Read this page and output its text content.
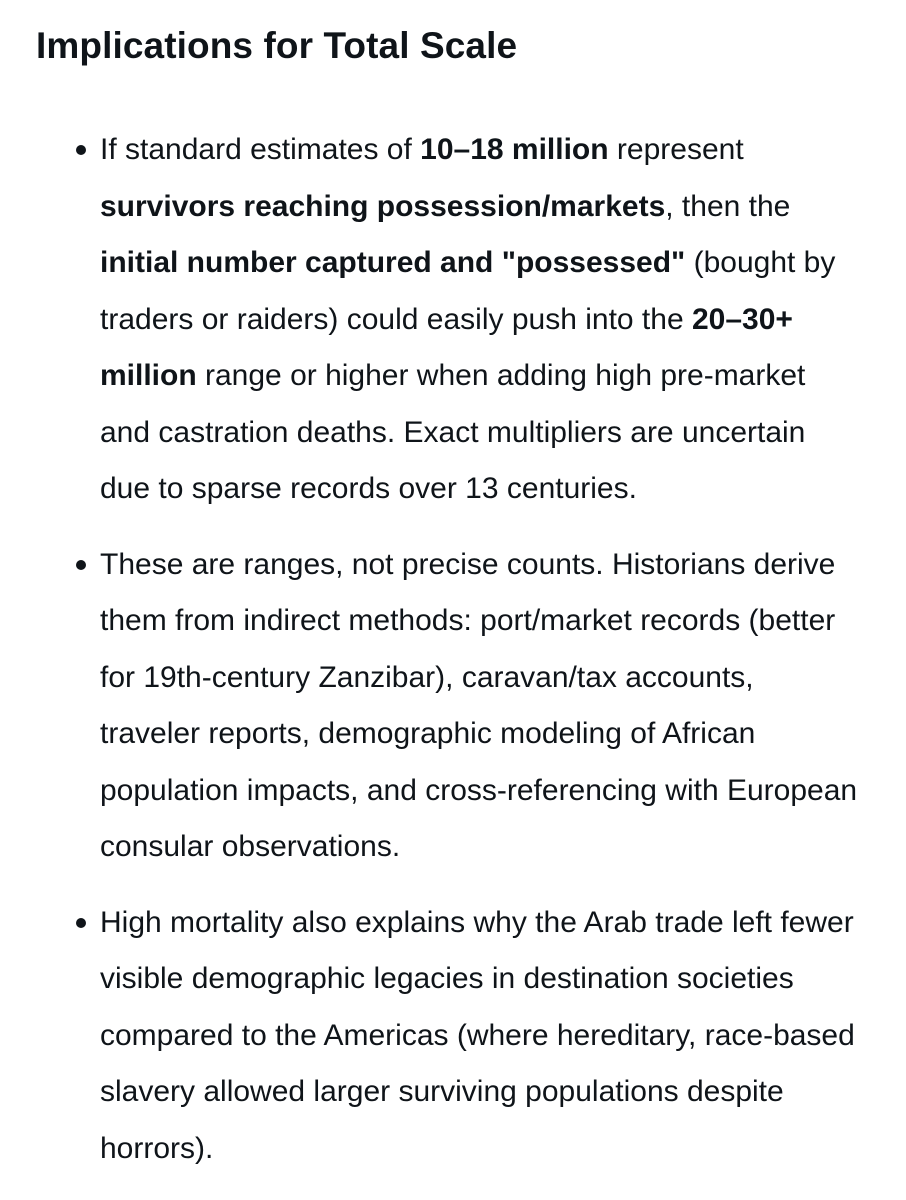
Implications for Total Scale
If standard estimates of 10–18 million represent survivors reaching possession/markets, then the initial number captured and "possessed" (bought by traders or raiders) could easily push into the 20–30+ million range or higher when adding high pre-market and castration deaths. Exact multipliers are uncertain due to sparse records over 13 centuries.
These are ranges, not precise counts. Historians derive them from indirect methods: port/market records (better for 19th-century Zanzibar), caravan/tax accounts, traveler reports, demographic modeling of African population impacts, and cross-referencing with European consular observations.
High mortality also explains why the Arab trade left fewer visible demographic legacies in destination societies compared to the Americas (where hereditary, race-based slavery allowed larger surviving populations despite horrors).
